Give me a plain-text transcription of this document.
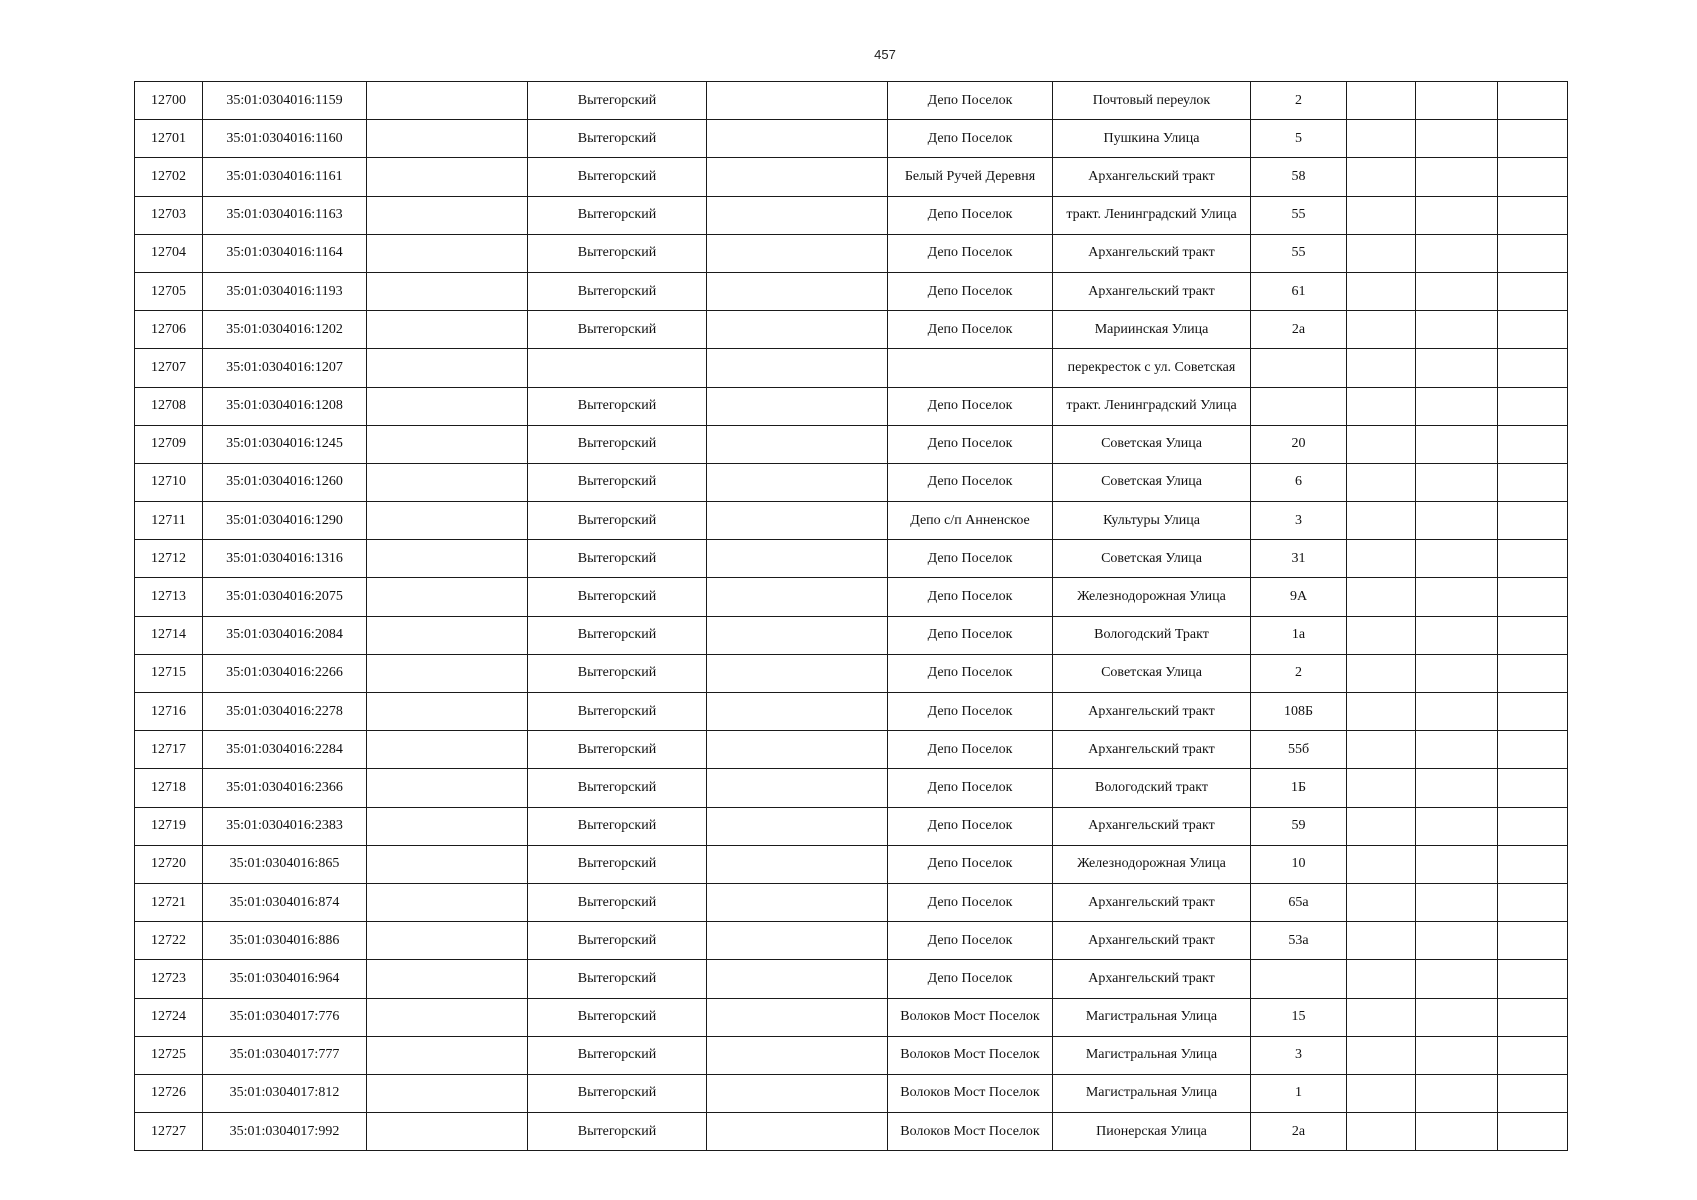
457
12700	35:01:0304016:1159		Вытегорский		Депо Поселок	Почтовый переулок	2			
12701	35:01:0304016:1160		Вытегорский		Депо Поселок	Пушкина Улица	5			
12702	35:01:0304016:1161		Вытегорский		Белый Ручей Деревня	Архангельский тракт	58			
12703	35:01:0304016:1163		Вытегорский		Депо Поселок	тракт. Ленинградский Улица	55			
12704	35:01:0304016:1164		Вытегорский		Депо Поселок	Архангельский тракт	55			
12705	35:01:0304016:1193		Вытегорский		Депо Поселок	Архангельский тракт	61			
12706	35:01:0304016:1202		Вытегорский		Депо Поселок	Мариинская Улица	2а			
12707	35:01:0304016:1207					перекресток с ул. Советская				
12708	35:01:0304016:1208		Вытегорский		Депо Поселок	тракт. Ленинградский Улица				
12709	35:01:0304016:1245		Вытегорский		Депо Поселок	Советская Улица	20			
12710	35:01:0304016:1260		Вытегорский		Депо Поселок	Советская Улица	6			
12711	35:01:0304016:1290		Вытегорский		Депо с/п Анненское	Культуры Улица	3			
12712	35:01:0304016:1316		Вытегорский		Депо Поселок	Советская Улица	31			
12713	35:01:0304016:2075		Вытегорский		Депо Поселок	Железнодорожная Улица	9А			
12714	35:01:0304016:2084		Вытегорский		Депо Поселок	Вологодский Тракт	1а			
12715	35:01:0304016:2266		Вытегорский		Депо Поселок	Советская Улица	2			
12716	35:01:0304016:2278		Вытегорский		Депо Поселок	Архангельский тракт	108Б			
12717	35:01:0304016:2284		Вытегорский		Депо Поселок	Архангельский тракт	55б			
12718	35:01:0304016:2366		Вытегорский		Депо Поселок	Вологодский тракт	1Б			
12719	35:01:0304016:2383		Вытегорский		Депо Поселок	Архангельский тракт	59			
12720	35:01:0304016:865		Вытегорский		Депо Поселок	Железнодорожная Улица	10			
12721	35:01:0304016:874		Вытегорский		Депо Поселок	Архангельский тракт	65а			
12722	35:01:0304016:886		Вытегорский		Депо Поселок	Архангельский тракт	53а			
12723	35:01:0304016:964		Вытегорский		Депо Поселок	Архангельский тракт				
12724	35:01:0304017:776		Вытегорский		Волоков Мост Поселок	Магистральная Улица	15			
12725	35:01:0304017:777		Вытегорский		Волоков Мост Поселок	Магистральная Улица	3			
12726	35:01:0304017:812		Вытегорский		Волоков Мост Поселок	Магистральная Улица	1			
12727	35:01:0304017:992		Вытегорский		Волоков Мост Поселок	Пионерская Улица	2а			
